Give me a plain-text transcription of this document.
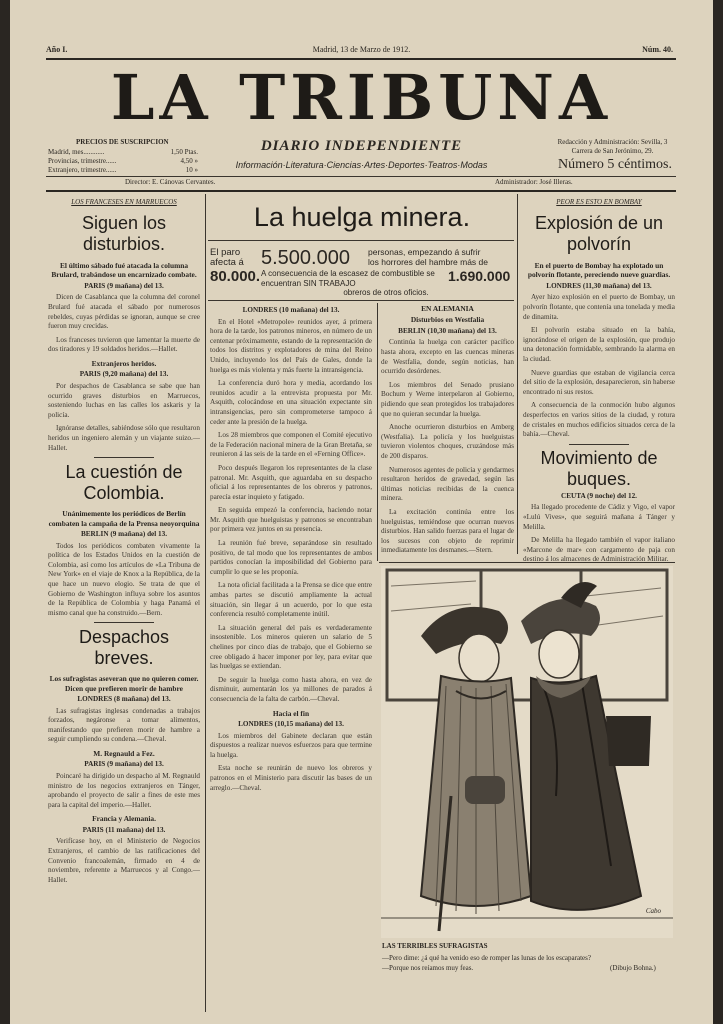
Año I.	Madrid, 13 de Marzo de 1912.	Núm. 40.
LA TRIBUNA
DIARIO INDEPENDIENTE
Información·Literatura·Ciencias·Artes·Deportes·Teatros·Modas
PRECIOS DE SUSCRIPCION
Madrid, mes............	1,50 Ptas.
Provincias, trimestre......	4,50 »
Extranjero, trimestre......	10 »
Redacción y Administración: Sevilla, 3
Carrera de San Jerónimo, 29.
Número 5 céntimos.
Director: E. Cánovas Cervantes.	Administrador: José Illeras.
LOS FRANCESES EN MARRUECOS
Siguen los disturbios.
El último sábado fué atacada la columna Brulard, trabándose un encarnizado combate.
PARIS (9 mañana) del 13.

Dicen de Casablanca que la columna del coronel Brulard fué atacada el sábado por numerosos rebeldes, cuyas pérdidas se ignoran, aunque se cree fueron muy crecidas.

Los franceses tuvieron que lamentar la muerte de dos tiradores y 19 soldados heridos.—Hallet.

Extranjeros heridos.
PARIS (9,20 mañana) del 13.

Por despachos de Casablanca se sabe que han ocurrido graves disturbios en Marruecos, sosteniendo luchas en las calles los askaris y la policía.

Ignóranse detalles, sabiéndose sólo que resultaron heridos un ingeniero alemán y un viajante suizo.—Hallet.

La cuestión de Colombia.
Unánimemente los periódicos de Berlín combaten la campaña de la Prensa neoyorquina
BERLIN (9 mañana) del 13.

Todos los periódicos combaten vivamente la política de los Estados Unidos en la cuestión de Colombia, así como los artículos de «La Tribuna de New York» en el viaje de Knox a la República, de la que hace un nuevo elogio. Se trata de que el Gobierno de Washington influya sobre los asuntos de la República de Colombia y haga Panamá el mismo canal que ha construido.—Bern.

Despachos breves.
Los sufragistas aseveran que no quieren comer. Dicen que prefieren morir de hambre
LONDRES (8 mañana) del 13.

Las sufragistas inglesas condenadas a trabajos forzados, negáronse a tomar alimentos, manifestando que prefieren morir de hambre a seguir cumpliendo su condena.—Cheval.

M. Regnauld a Fez.
PARIS (9 mañana) del 13.

Poincaré ha dirigido un despacho al M. Regnauld ministro de los negocios extranjeros en Tánger, aprobando el proyecto de salir a fines de este mes para la capital del imperio.—Hallet.

Francia y Alemania.
PARIS (11 mañana) del 13.

Verifícase hoy, en el Ministerio de Negocios Extranjeros, el cambio de las ratificaciones del Convenio francoalemán, firmado en 4 de noviembre, referente a Marruecos y al Congo.—Hallet.

La huelga minera.
El paro
afecta á
80.000.
5.500.000 personas, empezando á sufrir
los horrores del hambre más de
1.690.000
A consecuencia de la escasez de combustible se encuentran SIN TRABAJO
obreros de otros oficios.
LONDRES (10 mañana) del 13.

En el Hotel «Metropole» reunidos ayer, á primera hora de la tarde, los patronos mineros, en número de un centenar próximamente, estando de la representación de todos los distritos y explotadores de mina del Reino Unido, incluyendo los del País de Gales, donde la huelga es más violenta y más fuerte la intransigencia.

La conferencia duró hora y media, acordando los reunidos acudir a la entrevista propuesta por Mr. Asquith, colocándose en una situación expectante sin intransigencias, pero sin comprometerse tampoco á ceder ante la presión de la huelga.

Los 28 miembros que componen el Comité ejecutivo de la Federación nacional minera de la Gran Bretaña, se reunieron á las seis de la tarde en el «Ferning Office».

Poco después llegaron los representantes de la clase patronal. Mr. Asquith, que aguardaba en su despacho oficial á los representantes de los obreros y patronos, parecía estar inquieto y fatigado.

En seguida empezó la conferencia, haciendo notar Mr. Asquith que huelguistas y patronos se encontraban por primera vez juntos en su presencia.

La reunión fué breve, separándose sin resultado positivo, de tal modo que los representantes de ambos partidos conocían la imposibilidad del Gobierno para cumplir lo que se les proponía.

La nota oficial facilitada a la Prensa se dice que entre ambas partes se discutió ampliamente la actual situación, sin llegar á un acuerdo, por lo que esta conferencia resultó completamente inútil.

La situación general del país es verdaderamente insostenible. Los mineros quieren un salario de 5 chelines por cinco días de trabajo, que el Gobierno se cree obligado á hacer imponer por ley, para evitar que las huelgas se extiendan.

De seguir la huelga como hasta ahora, en vez de disminuir, aumentarán los ya millones de parados á consecuencia de la falta de carbón.—Cheval.

Hacia el fin
LONDRES (10,15 mañana) del 13.

Los miembros del Gabinete declaran que están dispuestos a realizar nuevos esfuerzos para que termine la huelga.

Esta noche se reunirán de nuevo los obreros y patronos en el Ministerio para discutir las bases de un arreglo.—Cheval.

EN ALEMANIA
Disturbios en Westfalia
BERLIN (10,30 mañana) del 13.

Continúa la huelga con carácter pacífico hasta ahora, excepto en las cuencas mineras de Westfalia, donde, según noticias, han ocurrido desórdenes.

Los miembros del Senado prusiano Bochum y Werne interpelaron al Gobierno, pidiendo que sean protegidos los trabajadores que no quieran secundar la huelga.

Anoche ocurrieron disturbios en Amberg (Westfalia). La policía y los huelguistas tuvieron violentos choques, cruzándose más de 200 disparos.

Numerosos agentes de policía y gendarmes resultaron heridos de gravedad, según las últimas noticias recibidas de la cuenca minera.

La excitación continúa entre los huelguistas, temiéndose que ocurran nuevos disturbios. Han salido fuerzas para el lugar de los sucesos con objeto de reprimir inmediatamente los desmanes.—Stern.

PEOR ES ESTO EN BOMBAY
Explosión de un polvorín
En el puerto de Bombay ha explotado un polvorín flotante, pereciendo nueve guardias.
LONDRES (11,30 mañana) del 13.

Ayer hizo explosión en el puerto de Bombay, un polvorín flotante, que contenía una tonelada y media de dinamita.

El polvorín estaba situado en la bahía, ignorándose el origen de la explosión, que produjo una detonación formidable, sembrando la alarma en la ciudad.

Nueve guardias que estaban de vigilancia cerca del sitio de la explosión, desaparecieron, sin haberse encontrado ni sus restos.

A consecuencia de la conmoción hubo algunos desperfectos en varios sitios de la ciudad, y rotura de cristales en muchos edificios situados cerca de la bahía.—Cheval.

Movimiento de buques.
CEUTA (9 noche) del 12.

Ha llegado procedente de Cádiz y Vigo, el vapor «Lulú Vives», que seguirá mañana á Tánger y Melilla.

De Melilla ha llegado también el vapor italiano «Marcone de mar» con cargamento de paja con destino á los almacenes de Administración Militar.

Cabo
LAS TERRIBLES SUFRAGISTAS
—Pero dime: ¿á qué ha venido eso de romper las lunas de los escaparates?
—Porque nos reíamos muy feas.	(Dibujo Bohna.)
